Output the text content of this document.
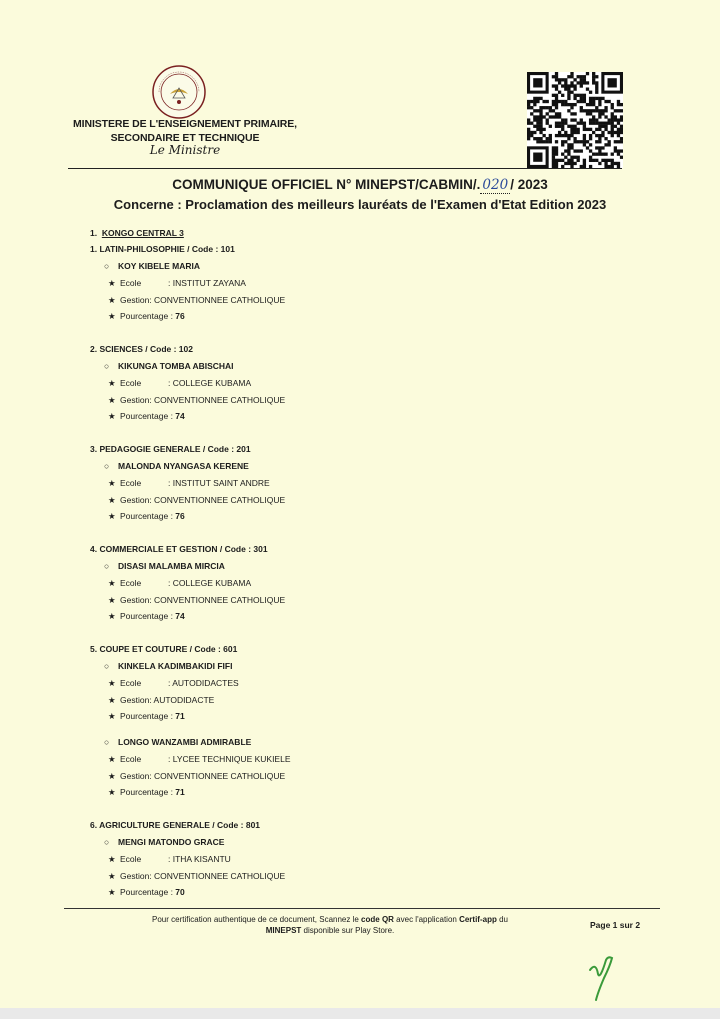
MINISTERE DE L'ENSEIGNEMENT PRIMAIRE,
SECONDAIRE ET TECHNIQUE
Le Ministre
COMMUNIQUE OFFICIEL N° MINEPST/CABMIN/. 020 / 2023
Concerne : Proclamation des meilleurs lauréats de l'Examen d'Etat Edition 2023
1. KONGO CENTRAL 3
1. LATIN-PHILOSOPHIE / Code : 101
○ KOY KIBELE MARIA
★ Ecole	: INSTITUT ZAYANA
★ Gestion: CONVENTIONNEE CATHOLIQUE
★ Pourcentage : 76
2. SCIENCES / Code : 102
○ KIKUNGA TOMBA ABISCHAI
★ Ecole	: COLLEGE KUBAMA
★ Gestion: CONVENTIONNEE CATHOLIQUE
★ Pourcentage : 74
3. PEDAGOGIE GENERALE / Code : 201
○ MALONDA NYANGASA KERENE
★ Ecole	: INSTITUT SAINT ANDRE
★ Gestion: CONVENTIONNEE CATHOLIQUE
★ Pourcentage : 76
4. COMMERCIALE ET GESTION / Code : 301
○ DISASI MALAMBA MIRCIA
★ Ecole	: COLLEGE KUBAMA
★ Gestion: CONVENTIONNEE CATHOLIQUE
★ Pourcentage : 74
5. COUPE ET COUTURE / Code : 601
○ KINKELA KADIMBAKIDI FIFI
★ Ecole	: AUTODIDACTES
★ Gestion: AUTODIDACTE
★ Pourcentage : 71
○ LONGO WANZAMBI ADMIRABLE
★ Ecole	: LYCEE TECHNIQUE KUKIELE
★ Gestion: CONVENTIONNEE CATHOLIQUE
★ Pourcentage : 71
6. AGRICULTURE GENERALE / Code : 801
○ MENGI MATONDO GRACE
★ Ecole	: ITHA KISANTU
★ Gestion: CONVENTIONNEE CATHOLIQUE
★ Pourcentage : 70
Pour certification authentique de ce document, Scannez le code QR avec l'application Certif-app du
MINEPST disponible sur Play Store.
Page 1 sur 2
